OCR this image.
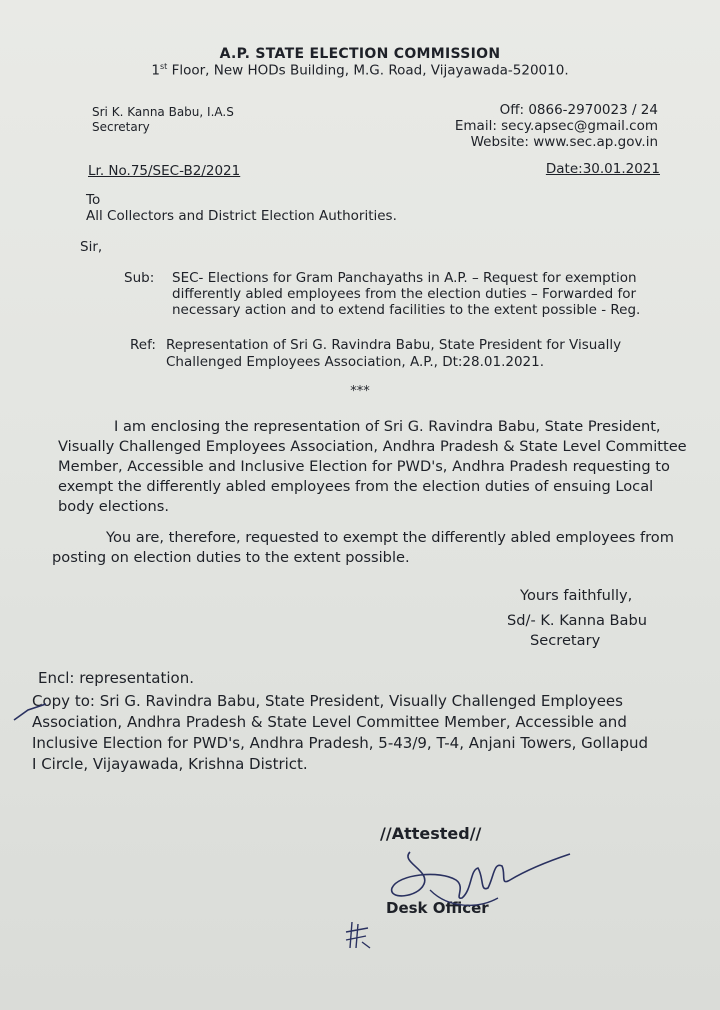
A.P. STATE ELECTION COMMISSION
1st Floor, New HODs Building, M.G. Road, Vijayawada-520010.
Sri K. Kanna Babu, I.A.S
Secretary
Off: 0866-2970023 / 24
Email: secy.apsec@gmail.com
Website: www.sec.ap.gov.in
Lr. No.75/SEC-B2/2021	Date:30.01.2021
To
All Collectors and District Election Authorities.
Sir,
Sub: SEC- Elections for Gram Panchayaths in A.P. – Request for exemption
differently abled employees from the election duties – Forwarded for
necessary action and to extend facilities to the extent possible - Reg.
Ref: Representation of Sri G. Ravindra Babu, State President for Visually
Challenged Employees Association, A.P., Dt:28.01.2021.
***
I am enclosing the representation of Sri G. Ravindra Babu, State President,
Visually Challenged Employees Association, Andhra Pradesh & State Level Committee
Member, Accessible and Inclusive Election for PWD's, Andhra Pradesh requesting to
exempt the differently abled employees from the election duties of ensuing Local
body elections.
You are, therefore, requested to exempt the differently abled employees from
posting on election duties to the extent possible.
Yours faithfully,
Sd/- K. Kanna Babu
Secretary
Encl: representation.
Copy to: Sri G. Ravindra Babu, State President, Visually Challenged Employees
Association, Andhra Pradesh & State Level Committee Member, Accessible and
Inclusive Election for PWD's, Andhra Pradesh, 5-43/9, T-4, Anjani Towers, Gollapud
I Circle, Vijayawada, Krishna District.
//Attested//
Desk Officer
